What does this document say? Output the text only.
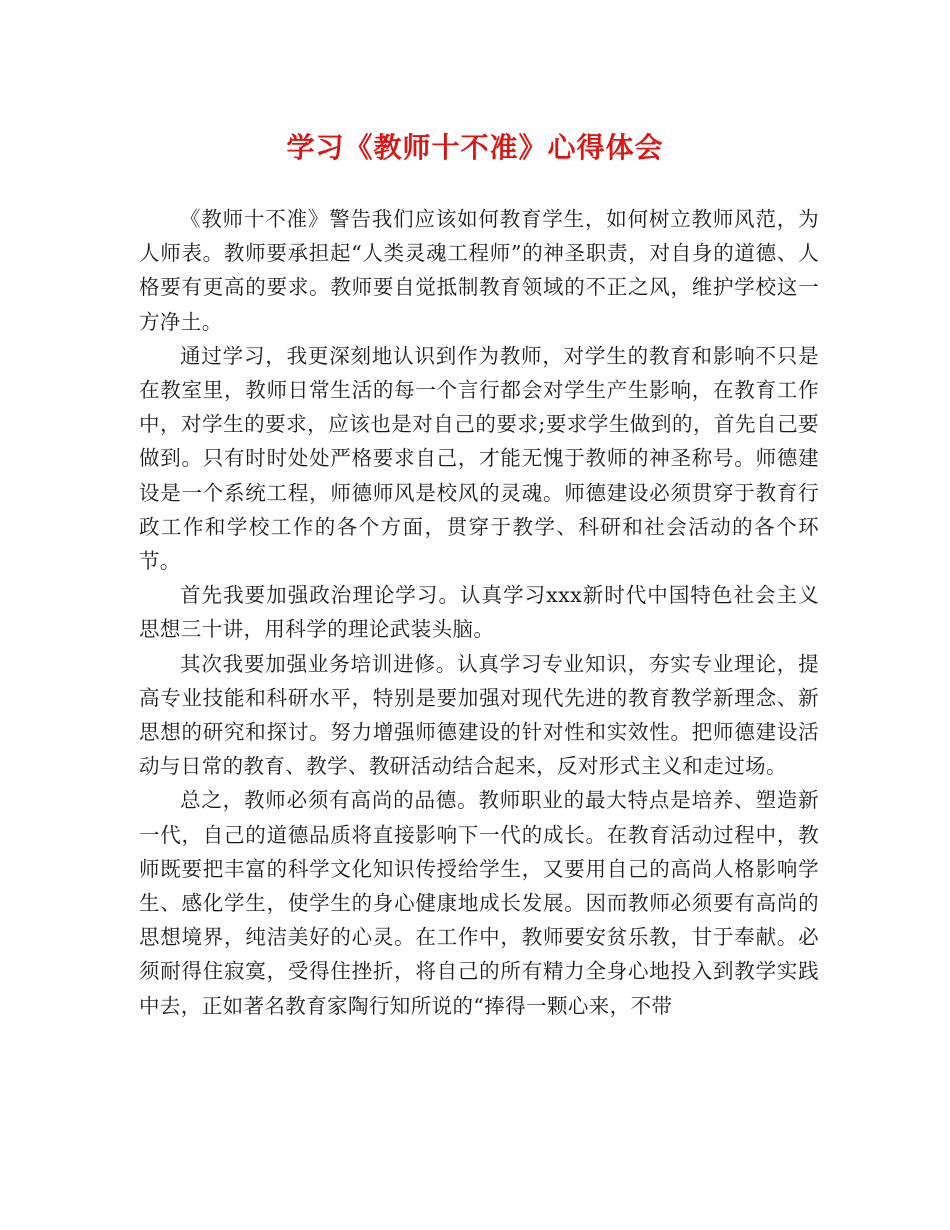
学习《教师十不准》心得体会

《教师十不准》警告我们应该如何教育学生，如何树立教师风范，为人师表。教师要承担起“人类灵魂工程师”的神圣职责，对自身的道德、人格要有更高的要求。教师要自觉抵制教育领域的不正之风，维护学校这一方净土。

通过学习，我更深刻地认识到作为教师，对学生的教育和影响不只是在教室里，教师日常生活的每一个言行都会对学生产生影响，在教育工作中，对学生的要求，应该也是对自己的要求;要求学生做到的，首先自己要做到。只有时时处处严格要求自己，才能无愧于教师的神圣称号。师德建设是一个系统工程，师德师风是校风的灵魂。师德建设必须贯穿于教育行政工作和学校工作的各个方面，贯穿于教学、科研和社会活动的各个环节。

首先我要加强政治理论学习。认真学习xxx新时代中国特色社会主义思想三十讲，用科学的理论武装头脑。

其次我要加强业务培训进修。认真学习专业知识，夯实专业理论，提高专业技能和科研水平，特别是要加强对现代先进的教育教学新理念、新思想的研究和探讨。努力增强师德建设的针对性和实效性。把师德建设活动与日常的教育、教学、教研活动结合起来，反对形式主义和走过场。

总之，教师必须有高尚的品德。教师职业的最大特点是培养、塑造新一代，自己的道德品质将直接影响下一代的成长。在教育活动过程中，教师既要把丰富的科学文化知识传授给学生，又要用自己的高尚人格影响学生、感化学生，使学生的身心健康地成长发展。因而教师必须要有高尚的思想境界，纯洁美好的心灵。在工作中，教师要安贫乐教，甘于奉献。必须耐得住寂寞，受得住挫折，将自己的所有精力全身心地投入到教学实践中去，正如著名教育家陶行知所说的“捧得一颗心来，不带
